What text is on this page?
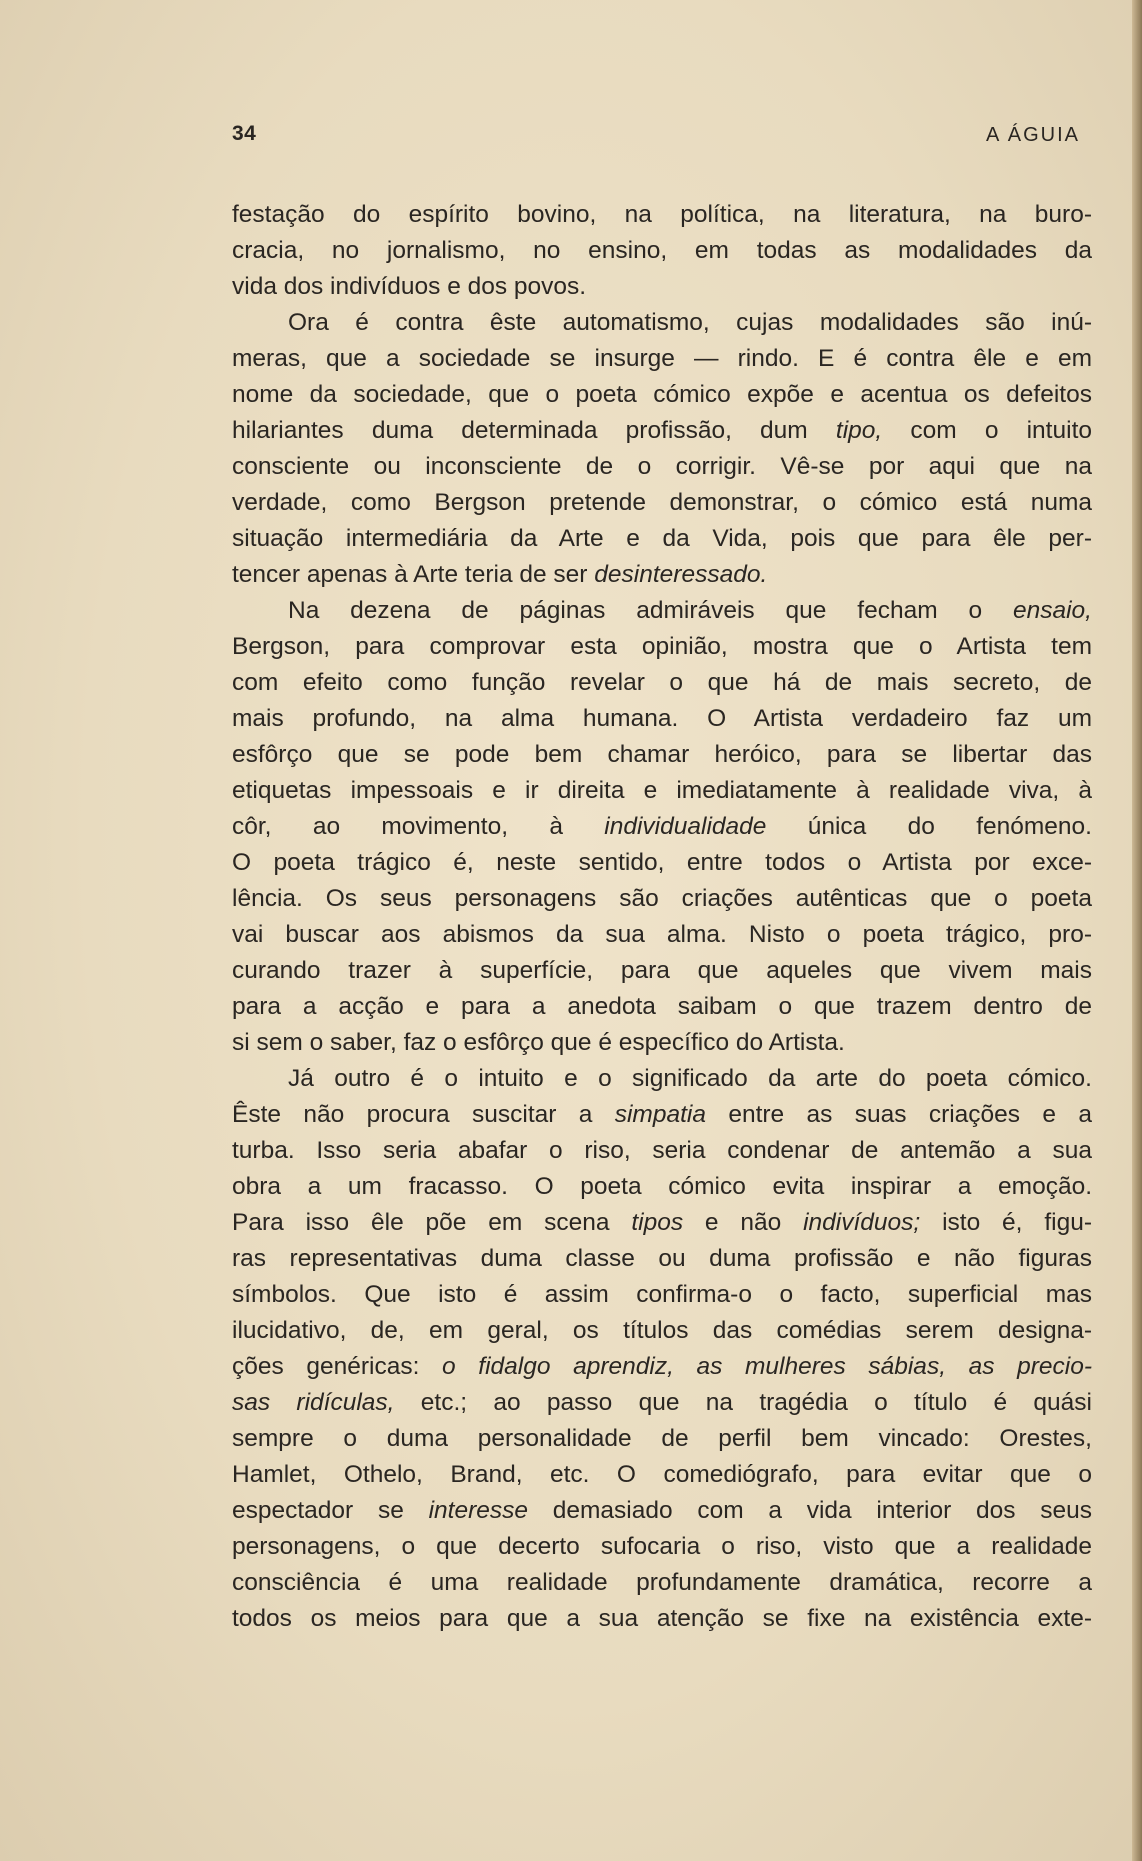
34	A ÁGUIA
festação do espírito bovino, na política, na literatura, na buro-
cracia, no jornalismo, no ensino, em todas as modalidades da
vida dos indivíduos e dos povos.
Ora é contra êste automatismo, cujas modalidades são inú-
meras, que a sociedade se insurge — rindo. E é contra êle e em
nome da sociedade, que o poeta cómico expõe e acentua os defeitos
hilariantes duma determinada profissão, dum tipo, com o intuito
consciente ou inconsciente de o corrigir. Vê-se por aqui que na
verdade, como Bergson pretende demonstrar, o cómico está numa
situação intermediária da Arte e da Vida, pois que para êle per-
tencer apenas à Arte teria de ser desinteressado.
Na dezena de páginas admiráveis que fecham o ensaio,
Bergson, para comprovar esta opinião, mostra que o Artista tem
com efeito como função revelar o que há de mais secreto, de
mais profundo, na alma humana. O Artista verdadeiro faz um
esfôrço que se pode bem chamar heróico, para se libertar das
etiquetas impessoais e ir direita e imediatamente à realidade viva, à
côr, ao movimento, à individualidade única do fenómeno.
O poeta trágico é, neste sentido, entre todos o Artista por exce-
lência. Os seus personagens são criações autênticas que o poeta
vai buscar aos abismos da sua alma. Nisto o poeta trágico, pro-
curando trazer à superfície, para que aqueles que vivem mais
para a acção e para a anedota saibam o que trazem dentro de
si sem o saber, faz o esfôrço que é específico do Artista.
Já outro é o intuito e o significado da arte do poeta cómico.
Êste não procura suscitar a simpatia entre as suas criações e a
turba. Isso seria abafar o riso, seria condenar de antemão a sua
obra a um fracasso. O poeta cómico evita inspirar a emoção.
Para isso êle põe em scena tipos e não indivíduos; isto é, figu-
ras representativas duma classe ou duma profissão e não figuras
símbolos. Que isto é assim confirma-o o facto, superficial mas
ilucidativo, de, em geral, os títulos das comédias serem designa-
ções genéricas: o fidalgo aprendiz, as mulheres sábias, as precio-
sas ridículas, etc.; ao passo que na tragédia o título é quási
sempre o duma personalidade de perfil bem vincado: Orestes,
Hamlet, Othelo, Brand, etc. O comediógrafo, para evitar que o
espectador se interesse demasiado com a vida interior dos seus
personagens, o que decerto sufocaria o riso, visto que a realidade
consciência é uma realidade profundamente dramática, recorre a
todos os meios para que a sua atenção se fixe na existência exte-
